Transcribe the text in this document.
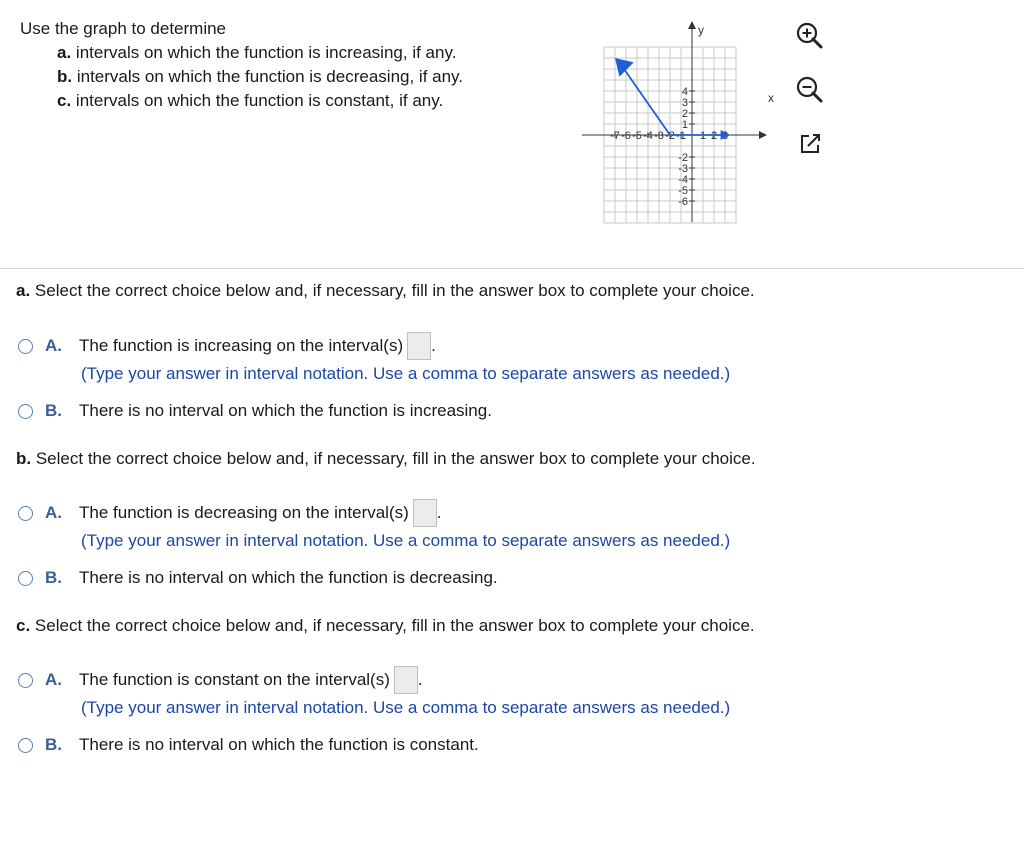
Use the graph to determine
a. intervals on which the function is increasing, if any.
b. intervals on which the function is decreasing, if any.
c. intervals on which the function is constant, if any.
y
x
-7 -6 -5 -4 -3 -2 -1 1 2
4
3
2
1
-2
-3
-4
-5
-6
a. Select the correct choice below and, if necessary, fill in the answer box to complete your choice.
A.	The function is increasing on the interval(s) .
(Type your answer in interval notation. Use a comma to separate answers as needed.)
B.	There is no interval on which the function is increasing.
b. Select the correct choice below and, if necessary, fill in the answer box to complete your choice.
A.	The function is decreasing on the interval(s) .
(Type your answer in interval notation. Use a comma to separate answers as needed.)
B.	There is no interval on which the function is decreasing.
c. Select the correct choice below and, if necessary, fill in the answer box to complete your choice.
A.	The function is constant on the interval(s) .
(Type your answer in interval notation. Use a comma to separate answers as needed.)
B.	There is no interval on which the function is constant.
